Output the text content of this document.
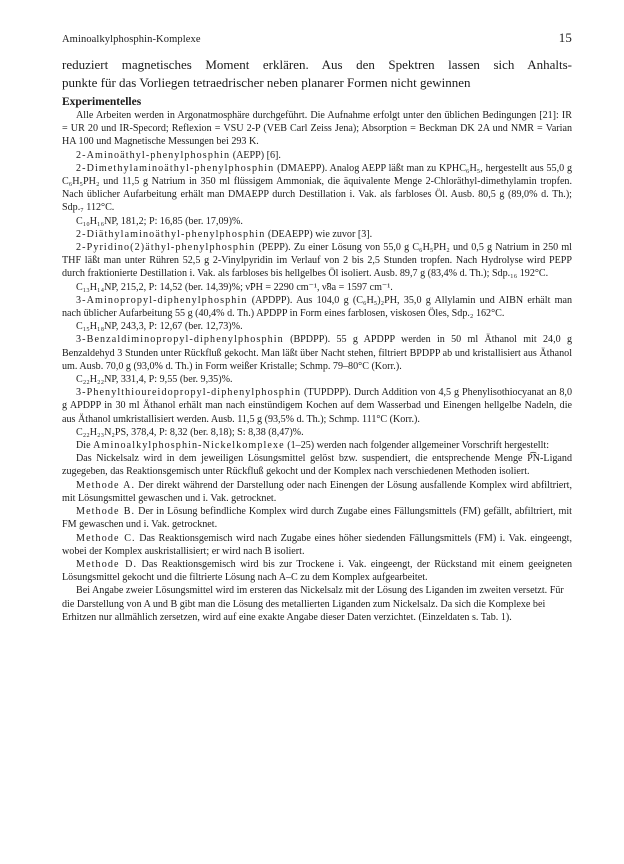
Aminoalkylphosphin-Komplexe	15
reduziert magnetisches Moment erklären. Aus den Spektren lassen sich Anhalts-
punkte für das Vorliegen tetraedrischer neben planarer Formen nicht gewinnen
Experimentelles

Alle Arbeiten werden in Argonatmosphäre durchgeführt. Die Aufnahme erfolgt unter den üblichen Bedingungen [21]: IR = UR 20 und IR-Specord; Reflexion = VSU 2-P (VEB Carl Zeiss Jena); Absorption = Beckman DK 2A und NMR = Varian HA 100 und Magnetische Messungen bei 293 K.

2-Aminoäthyl-phenylphosphin (AEPP) [6].

2-Dimethylaminoäthyl-phenylphosphin (DMAEPP). Analog AEPP läßt man zu KPHC₆H₅, hergestellt aus 55,0 g C₆H₅PH₂ und 11,5 g Natrium in 350 ml flüssigem Ammoniak, die äquivalente Menge 2-Chloräthyl-dimethylamin tropfen. Nach üblicher Aufarbeitung erhält man DMAEPP durch Destillation i. Vak. als farbloses Öl. Ausb. 80,5 g (89,0% d. Th.); Sdp.₇ 112°C.

C₁₀H₁₆NP, 181,2; P: 16,85 (ber. 17,09)%.

2-Diäthylaminoäthyl-phenylphosphin (DEAEPP) wie zuvor [3].

2-Pyridino(2)äthyl-phenylphosphin (PEPP). Zu einer Lösung von 55,0 g C₆H₅PH₂ und 0,5 g Natrium in 250 ml THF läßt man unter Rühren 52,5 g 2-Vinylpyridin im Verlauf von 2 bis 2,5 Stunden tropfen. Nach Hydrolyse wird PEPP durch fraktionierte Destillation i. Vak. als farbloses bis hellgelbes Öl isoliert. Ausb. 89,7 g (83,4% d. Th.); Sdp.₁₆ 192°C.

C₁₃H₁₄NP, 215,2, P: 14,52 (ber. 14,39)%; ν̃PH = 2290 cm⁻¹, ν̃8a = 1597 cm⁻¹.

3-Aminopropyl-diphenylphosphin (APDPP). Aus 104,0 g (C₆H₅)₂PH, 35,0 g Allylamin und AIBN erhält man nach üblicher Aufarbeitung 55 g (40,4% d. Th.) APDPP in Form eines farblosen, viskosen Öles, Sdp.₂ 162°C.

C₁₅H₁₈NP, 243,3, P: 12,67 (ber. 12,73)%.

3-Benzaldiminopropyl-diphenylphosphin (BPDPP). 55 g APDPP werden in 50 ml Äthanol mit 24,0 g Benzaldehyd 3 Stunden unter Rückfluß gekocht. Man läßt über Nacht stehen, filtriert BPDPP ab und kristallisiert aus Äthanol um. Ausb. 70,0 g (93,0% d. Th.) in Form weißer Kristalle; Schmp. 79–80°C (Korr.).

C₂₂H₂₂NP, 331,4, P: 9,55 (ber. 9,35)%.

3-Phenylthioureidopropyl-diphenylphosphin (TUPDPP). Durch Addition von 4,5 g Phenylisothiocyanat an 8,0 g APDPP in 30 ml Äthanol erhält man nach einstündigem Kochen auf dem Wasserbad und Einengen hellgelbe Nadeln, die aus Äthanol umkristallisiert werden. Ausb. 11,5 g (93,5% d. Th.); Schmp. 111°C (Korr.).

C₂₂H₂₃N₂PS, 378,4, P: 8,32 (ber. 8,18); S: 8,38 (8,47)%.

Die Aminoalkylphosphin-Nickelkomplexe (1–25) werden nach folgender allgemeiner Vorschrift hergestellt:

Das Nickelsalz wird in dem jeweiligen Lösungsmittel gelöst bzw. suspendiert, die entsprechende Menge P͡N-Ligand zugegeben, das Reaktionsgemisch unter Rückfluß gekocht und der Komplex nach verschiedenen Methoden isoliert.

Methode A. Der direkt während der Darstellung oder nach Einengen der Lösung ausfallende Komplex wird abfiltriert, mit Lösungsmittel gewaschen und i. Vak. getrocknet.

Methode B. Der in Lösung befindliche Komplex wird durch Zugabe eines Fällungsmittels (FM) gefällt, abfiltriert, mit FM gewaschen und i. Vak. getrocknet.

Methode C. Das Reaktionsgemisch wird nach Zugabe eines höher siedenden Fällungsmittels (FM) i. Vak. eingeengt, wobei der Komplex auskristallisiert; er wird nach B isoliert.

Methode D. Das Reaktionsgemisch wird bis zur Trockene i. Vak. eingeengt, der Rückstand mit einem geeigneten Lösungsmittel gekocht und die filtrierte Lösung nach A–C zu dem Komplex aufgearbeitet.

Bei Angabe zweier Lösungsmittel wird im ersteren das Nickelsalz mit der Lösung des Liganden im zweiten versetzt. Für die Darstellung von A und B gibt man die Lösung des metallierten Liganden zum Nickelsalz. Da sich die Komplexe bei Erhitzen nur allmählich zersetzen, wird auf eine exakte Angabe dieser Daten verzichtet. (Einzeldaten s. Tab. 1).
